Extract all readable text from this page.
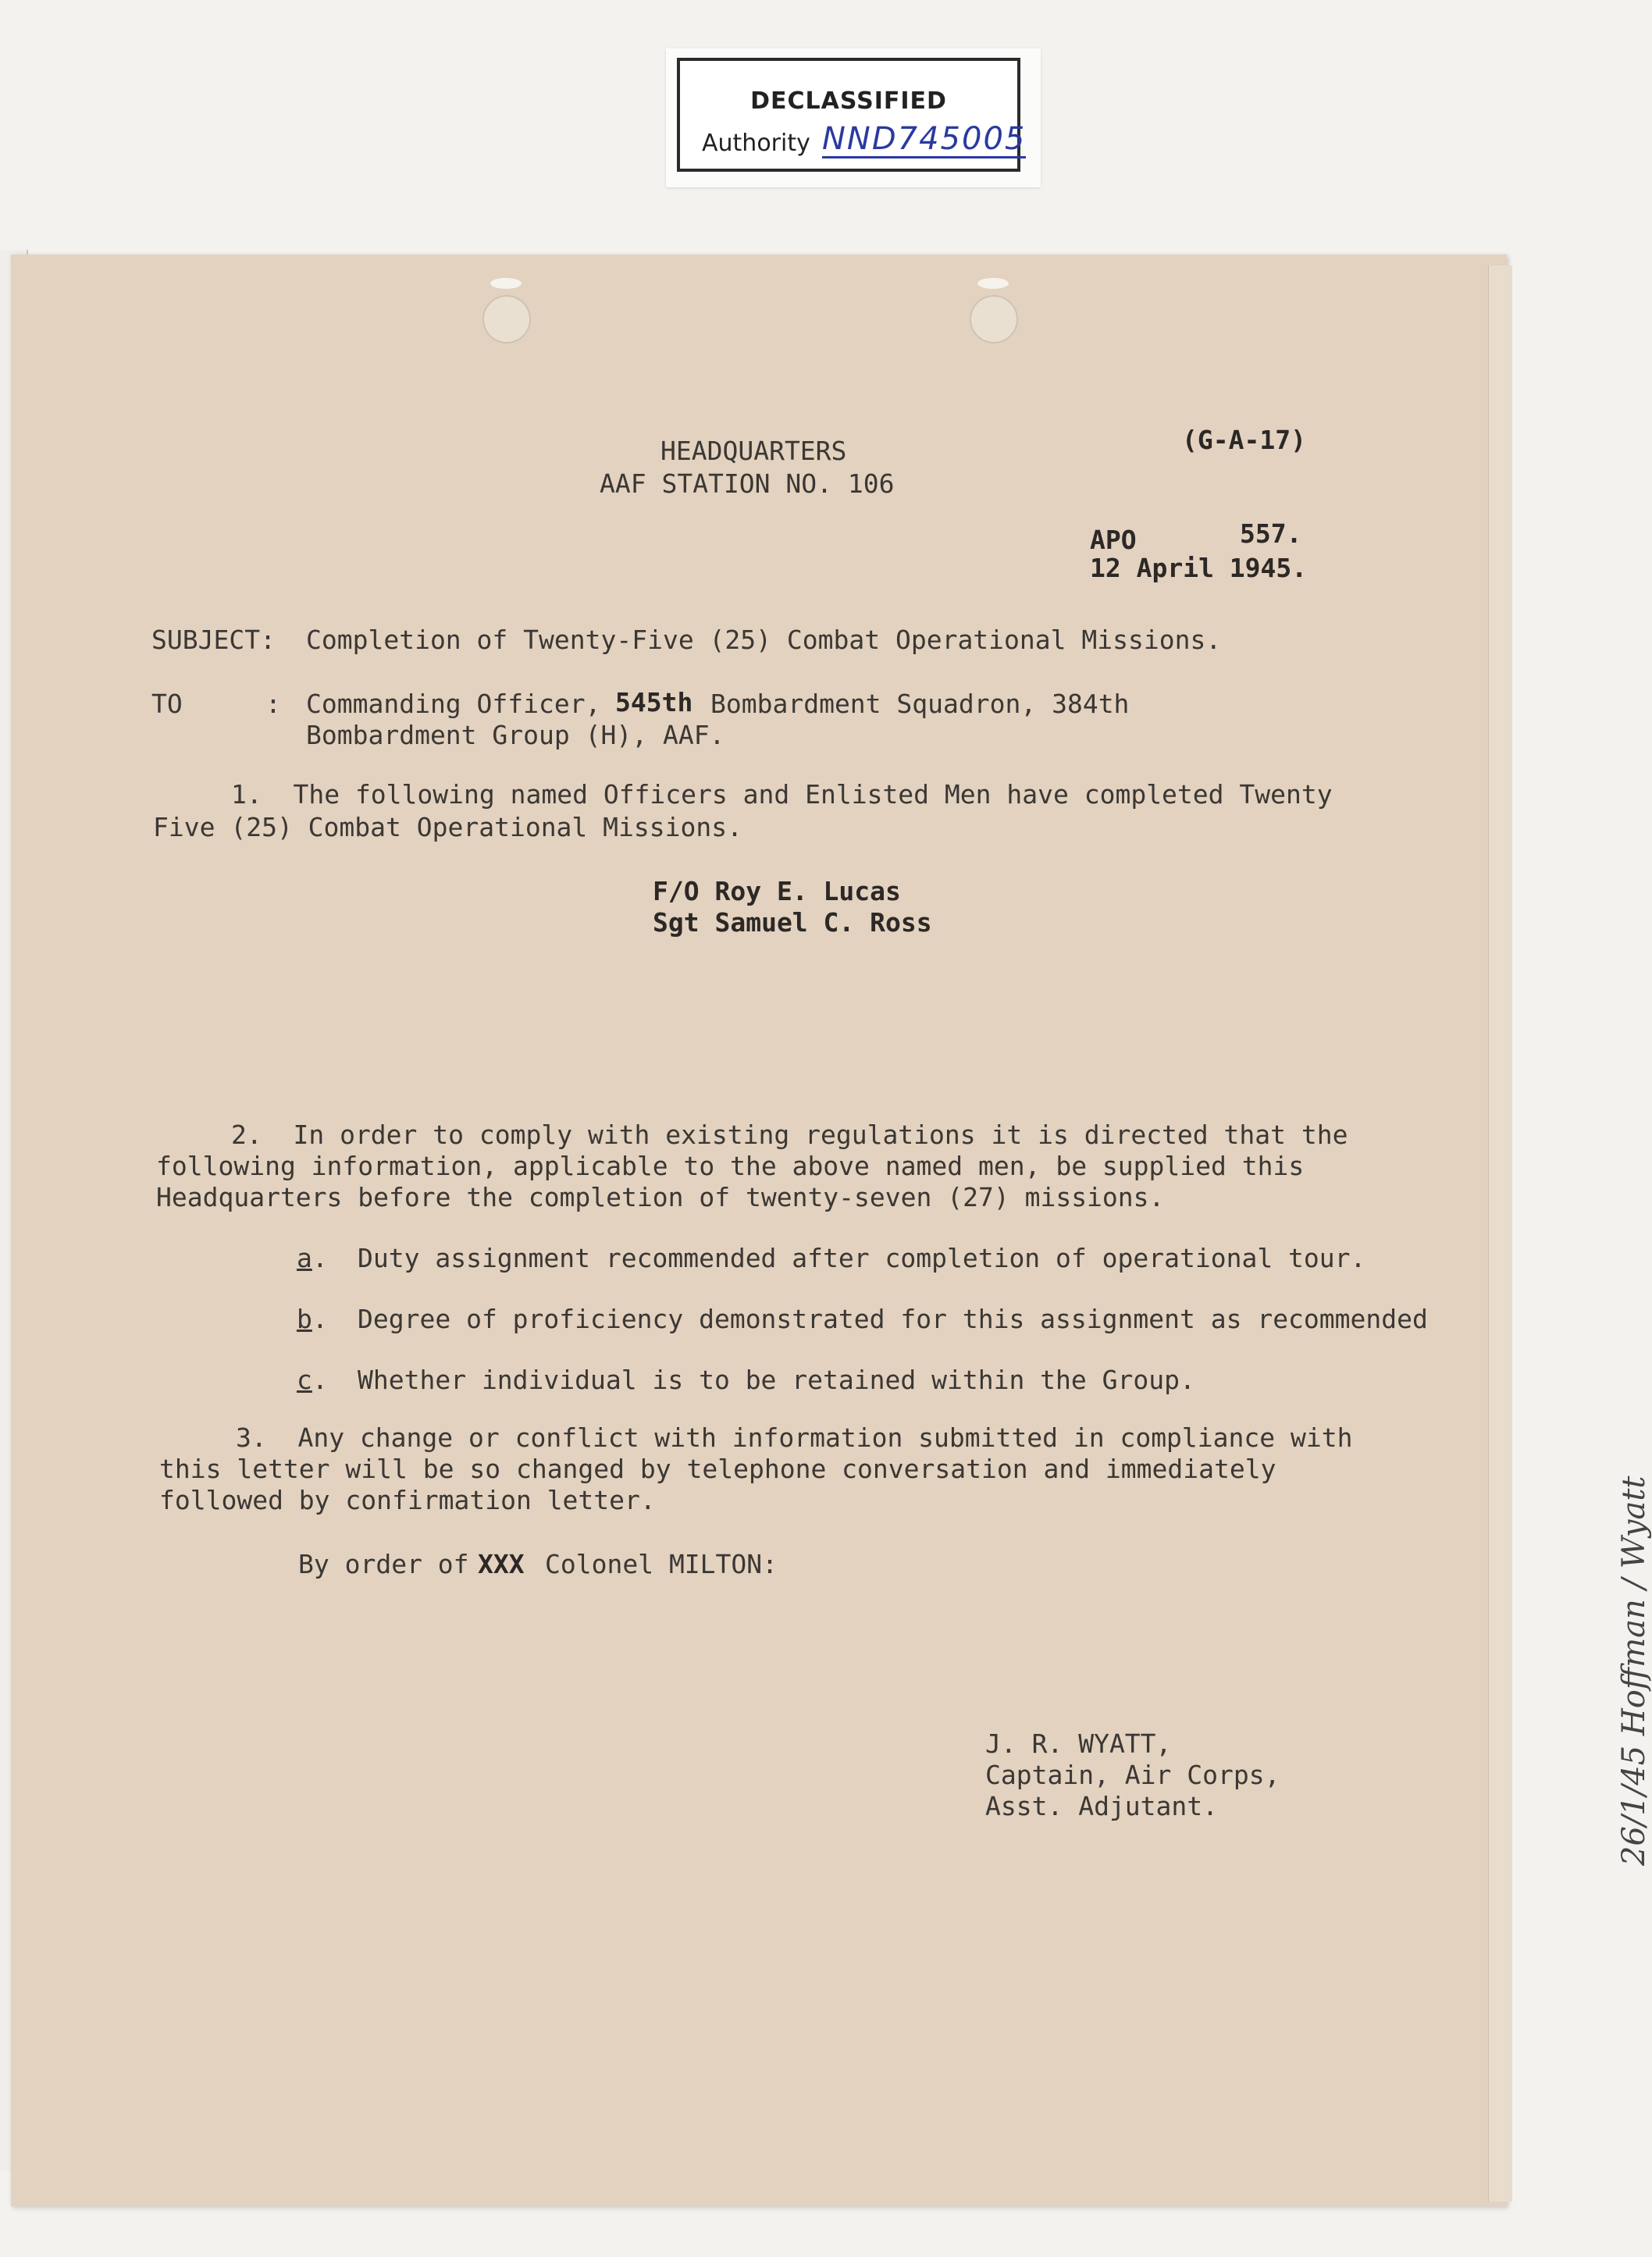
DECLASSIFIED
Authority NND745005
26/1/45 Hoffman / Wyatt
HEADQUARTERS
AAF STATION NO. 106
(G-A-17)
APO	557.
12 April 1945.
SUBJECT: Completion of Twenty-Five (25) Combat Operational Missions.
TO	: Commanding Officer, 545th Bombardment Squadron, 384th
Bombardment Group (H), AAF.
1.  The following named Officers and Enlisted Men have completed Twenty
Five (25) Combat Operational Missions.
F/O Roy E. Lucas
Sgt Samuel C. Ross
2.  In order to comply with existing regulations it is directed that the
following information, applicable to the above named men, be supplied this
Headquarters before the completion of twenty-seven (27) missions.
a . Duty assignment recommended after completion of operational tour.
b . Degree of proficiency demonstrated for this assignment as recommended
c . Whether individual is to be retained within the Group.
3.  Any change or conflict with information submitted in compliance with
this letter will be so changed by telephone conversation and immediately
followed by confirmation letter.
By order of XXX Colonel MILTON:
J. R. WYATT,
Captain, Air Corps,
Asst. Adjutant.
